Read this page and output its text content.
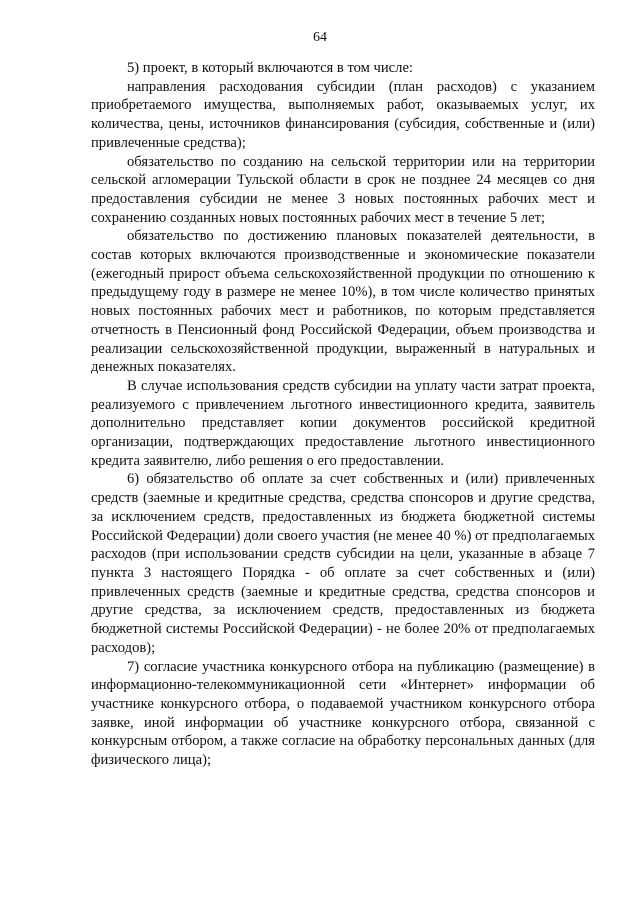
64

5) проект, в который включаются в том числе:

направления расходования субсидии (план расходов) с указанием приобретаемого имущества, выполняемых работ, оказываемых услуг, их количества, цены, источников финансирования (субсидия, собственные и (или) привлеченные средства);

обязательство по созданию на сельской территории или на территории сельской агломерации Тульской области в срок не позднее 24 месяцев со дня предоставления субсидии не менее 3 новых постоянных рабочих мест и сохранению созданных новых постоянных рабочих мест в течение 5 лет;

обязательство по достижению плановых показателей деятельности, в состав которых включаются производственные и экономические показатели (ежегодный прирост объема сельскохозяйственной продукции по отношению к предыдущему году в размере не менее 10%), в том числе количество принятых новых постоянных рабочих мест и работников, по которым представляется отчетность в Пенсионный фонд Российской Федерации, объем производства и реализации сельскохозяйственной продукции, выраженный в натуральных и денежных показателях.

В случае использования средств субсидии на уплату части затрат проекта, реализуемого с привлечением льготного инвестиционного кредита, заявитель дополнительно представляет копии документов российской кредитной организации, подтверждающих предоставление льготного инвестиционного кредита заявителю, либо решения о его предоставлении.

6) обязательство об оплате за счет собственных и (или) привлеченных средств (заемные и кредитные средства, средства спонсоров и другие средства, за исключением средств, предоставленных из бюджета бюджетной системы Российской Федерации) доли своего участия (не менее 40 %) от предполагаемых расходов (при использовании средств субсидии на цели, указанные в абзаце 7 пункта 3 настоящего Порядка - об оплате за счет собственных и (или) привлеченных средств (заемные и кредитные средства, средства спонсоров и другие средства, за исключением средств, предоставленных из бюджета бюджетной системы Российской Федерации) - не более 20% от предполагаемых расходов);

7) согласие участника конкурсного отбора на публикацию (размещение) в информационно-телекоммуникационной сети «Интернет» информации об участнике конкурсного отбора, о подаваемой участником конкурсного отбора заявке, иной информации об участнике конкурсного отбора, связанной с конкурсным отбором, а также согласие на обработку персональных данных (для физического лица);
